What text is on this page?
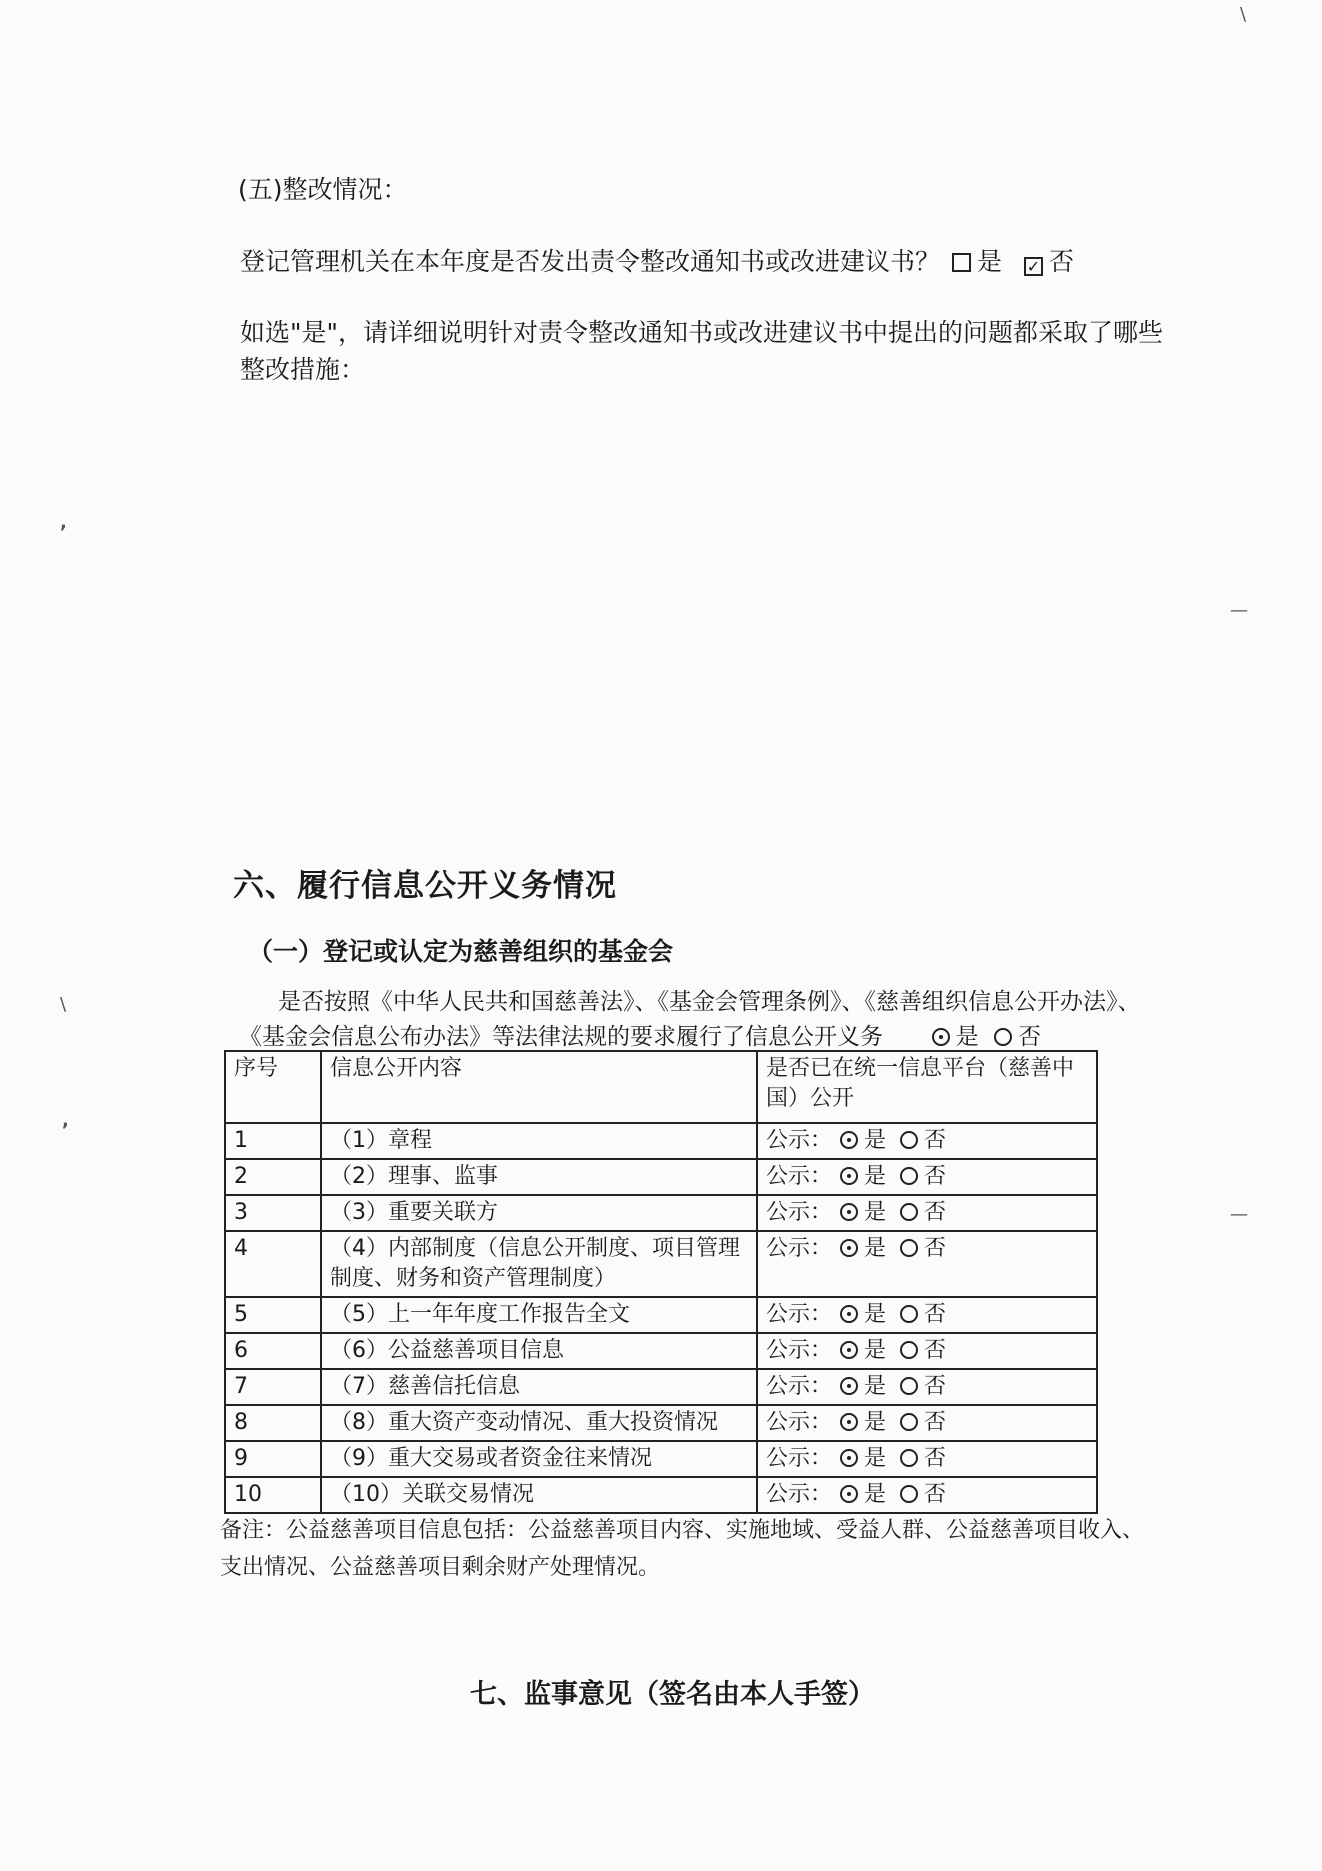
(五)整改情况：
登记管理机关在本年度是否发出责令整改通知书或改进建议书？ 是 ✓ 否
如选"是"，请详细说明针对责令整改通知书或改进建议书中提出的问题都采取了哪些
整改措施：
六、履行信息公开义务情况
（一）登记或认定为慈善组织的基金会
是否按照《中华人民共和国慈善法》、《基金会管理条例》、《慈善组织信息公开办法》、
《基金会信息公布办法》等法律法规的要求履行了信息公开义务	是 否
序号	信息公开内容	是否已在统一信息平台（慈善中国）公开
1	（1）章程	公示： 是 否
2	（2）理事、监事	公示： 是 否
3	（3）重要关联方	公示： 是 否
4	（4）内部制度（信息公开制度、项目管理制度、财务和资产管理制度）	公示： 是 否
5	（5）上一年年度工作报告全文	公示： 是 否
6	（6）公益慈善项目信息	公示： 是 否
7	（7）慈善信托信息	公示： 是 否
8	（8）重大资产变动情况、重大投资情况	公示： 是 否
9	（9）重大交易或者资金往来情况	公示： 是 否
10	（10）关联交易情况	公示： 是 否
备注：公益慈善项目信息包括：公益慈善项目内容、实施地域、受益人群、公益慈善项目收入、
支出情况、公益慈善项目剩余财产处理情况。
七、监事意见（签名由本人手签）
\
,
\
,
—
—
